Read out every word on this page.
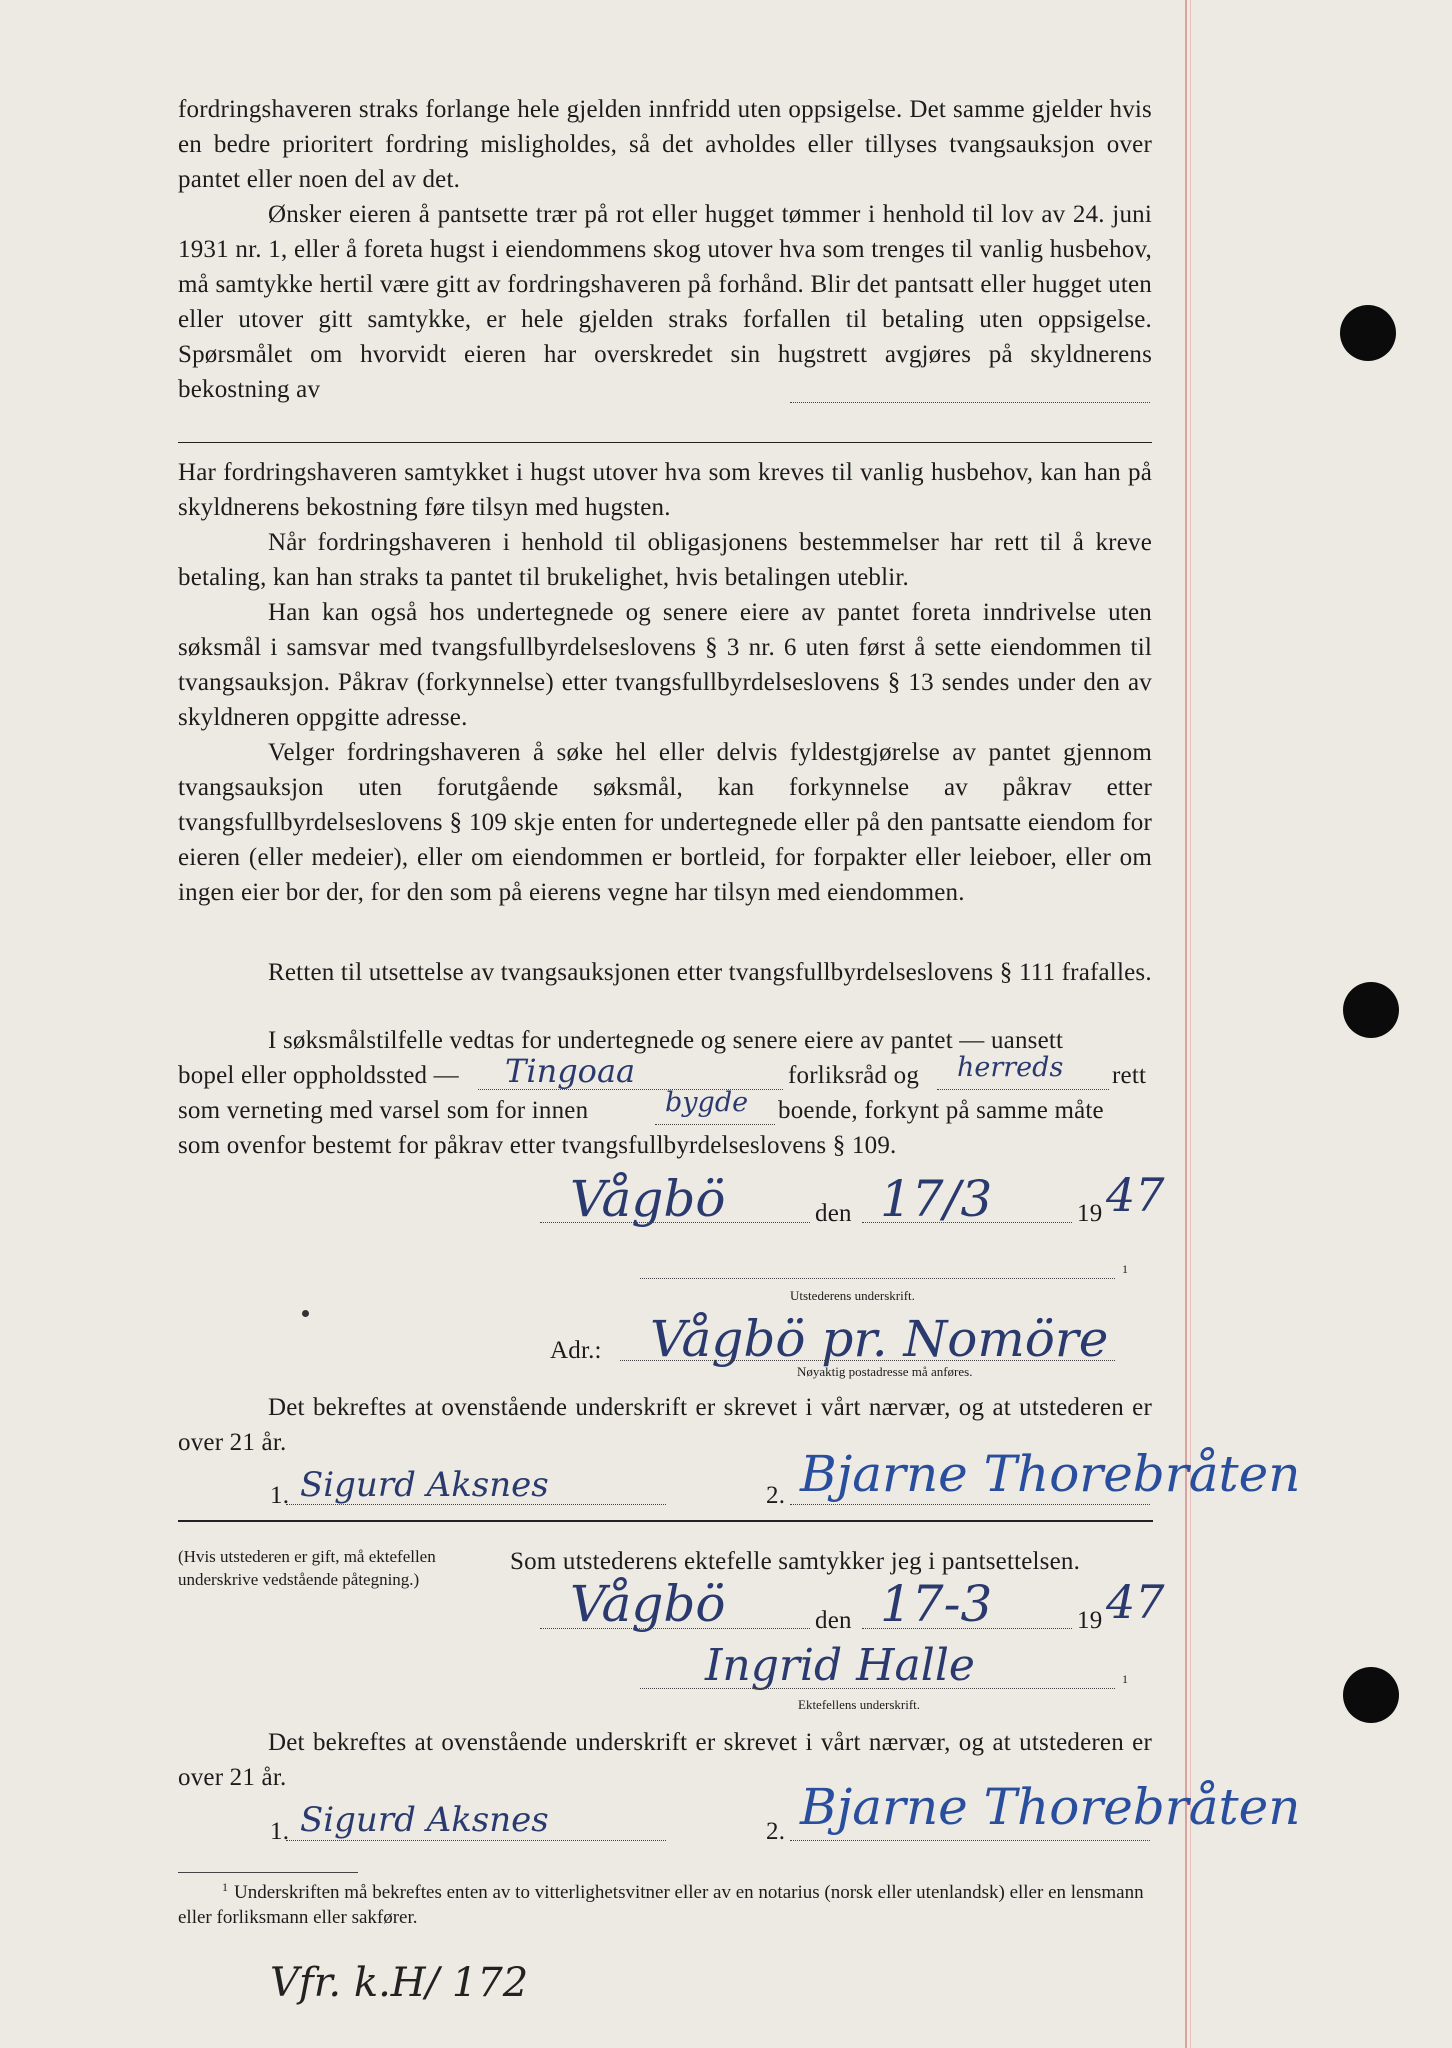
fordringshaveren straks forlange hele gjelden innfridd uten oppsigelse. Det samme gjelder hvis en bedre prioritert fordring misligholdes, så det avholdes eller tillyses tvangsauksjon over pantet eller noen del av det.
Ønsker eieren å pantsette trær på rot eller hugget tømmer i henhold til lov av 24. juni 1931 nr. 1, eller å foreta hugst i eiendommens skog utover hva som trenges til vanlig husbehov, må samtykke hertil være gitt av fordringshaveren på forhånd. Blir det pantsatt eller hugget uten eller utover gitt samtykke, er hele gjelden straks forfallen til betaling uten oppsigelse. Spørsmålet om hvorvidt eieren har overskredet sin hugstrett avgjøres på skyldnerens bekostning av
Har fordringshaveren samtykket i hugst utover hva som kreves til vanlig husbehov, kan han på skyldnerens bekostning føre tilsyn med hugsten.
Når fordringshaveren i henhold til obligasjonens bestemmelser har rett til å kreve betaling, kan han straks ta pantet til brukelighet, hvis betalingen uteblir.
Han kan også hos undertegnede og senere eiere av pantet foreta inndrivelse uten søksmål i samsvar med tvangsfullbyrdelseslovens § 3 nr. 6 uten først å sette eiendommen til tvangsauksjon. Påkrav (forkynnelse) etter tvangsfullbyrdelseslovens § 13 sendes under den av skyldneren oppgitte adresse.
Velger fordringshaveren å søke hel eller delvis fyldestgjørelse av pantet gjennom tvangsauksjon uten forutgående søksmål, kan forkynnelse av påkrav etter tvangsfullbyrdelseslovens § 109 skje enten for undertegnede eller på den pantsatte eiendom for eieren (eller medeier), eller om eiendommen er bortleid, for forpakter eller leieboer, eller om ingen eier bor der, for den som på eierens vegne har tilsyn med eiendommen.
Retten til utsettelse av tvangsauksjonen etter tvangsfullbyrdelseslovens § 111 frafalles.
I søksmålstilfelle vedtas for undertegnede og senere eiere av pantet — uansett
bopel eller oppholdssted — Tingoaa	forliksråd og herreds rett
som verneting med varsel som for innen	bygde boende, forkynt på samme måte
som ovenfor bestemt for påkrav etter tvangsfullbyrdelseslovens § 109.
Vågbö	den 17/3	19 47
1
Utstederens underskrift.
Adr.: Vågbö pr. Nomöre
Nøyaktig postadresse må anføres.
Det bekreftes at ovenstående underskrift er skrevet i vårt nærvær, og at utstederen er over 21 år.
1. Sigurd Aksnes	2. Bjarne Thorebråten
(Hvis utstederen er gift, må ektefellen underskrive vedstående påtegning.)
Som utstederens ektefelle samtykker jeg i pantsettelsen.
Vågbö	den 17-3	19 47
Ingrid Halle	1
Ektefellens underskrift.
Det bekreftes at ovenstående underskrift er skrevet i vårt nærvær, og at utstederen er over 21 år.
1. Sigurd Aksnes	2. Bjarne Thorebråten
1 Underskriften må bekreftes enten av to vitterlighetsvitner eller av en notarius (norsk eller utenlandsk) eller en lensmann eller forliksmann eller sakfører.
Vfr. k.H/ 172
